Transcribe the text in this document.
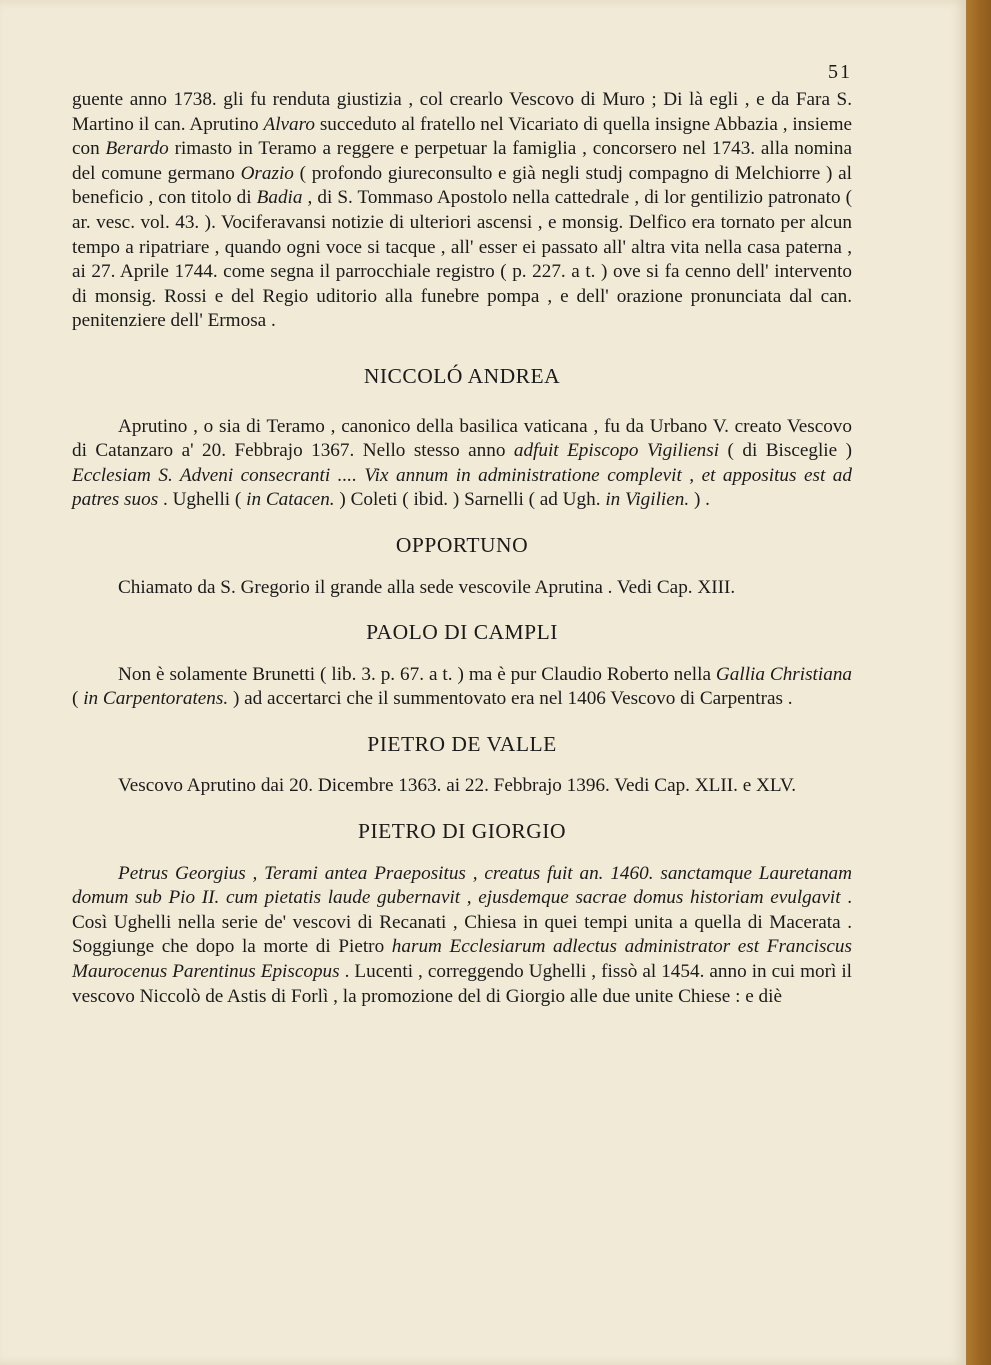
51

guente anno 1738. gli fu renduta giustizia , col crearlo Vescovo di Muro ; Di là egli , e da Fara S. Martino il can. Aprutino Alvaro succeduto al fratello nel Vicariato di quella insigne Abbazia , insieme con Berardo rimasto in Teramo a reggere e perpetuar la famiglia , concorsero nel 1743. alla nomina del comune germano Orazio ( profondo giureconsulto e già negli studj compagno di Melchiorre ) al beneficio , con titolo di Badia , di S. Tommaso Apostolo nella cattedrale , di lor gentilizio patronato ( ar. vesc. vol. 43. ). Vociferavansi notizie di ulteriori ascensi , e monsig. Delfico era tornato per alcun tempo a ripatriare , quando ogni voce si tacque , all' esser ei passato all' altra vita nella casa paterna , ai 27. Aprile 1744. come segna il parrocchiale registro ( p. 227. a t. ) ove si fa cenno dell' intervento di monsig. Rossi e del Regio uditorio alla funebre pompa , e dell' orazione pronunciata dal can. penitenziere dell' Ermosa .

NICCOLÓ ANDREA

Aprutino , o sia di Teramo , canonico della basilica vaticana , fu da Urbano V. creato Vescovo di Catanzaro a' 20. Febbrajo 1367. Nello stesso anno adfuit Episcopo Vigiliensi ( di Bisceglie ) Ecclesiam S. Adveni consecranti .... Vix annum in administratione complevit , et appositus est ad patres suos . Ughelli ( in Catacen. ) Coleti ( ibid. ) Sarnelli ( ad Ugh. in Vigilien. ) .

OPPORTUNO

Chiamato da S. Gregorio il grande alla sede vescovile Aprutina . Vedi Cap. XIII.

PAOLO DI CAMPLI

Non è solamente Brunetti ( lib. 3. p. 67. a t. ) ma è pur Claudio Roberto nella Gallia Christiana ( in Carpentoratens. ) ad accertarci che il summentovato era nel 1406 Vescovo di Carpentras .

PIETRO DE VALLE

Vescovo Aprutino dai 20. Dicembre 1363. ai 22. Febbrajo 1396. Vedi Cap. XLII. e XLV.

PIETRO DI GIORGIO

Petrus Georgius , Terami antea Praepositus , creatus fuit an. 1460. sanctamque Lauretanam domum sub Pio II. cum pietatis laude gubernavit , ejusdemque sacrae domus historiam evulgavit . Così Ughelli nella serie de' vescovi di Recanati , Chiesa in quei tempi unita a quella di Macerata . Soggiunge che dopo la morte di Pietro harum Ecclesiarum adlectus administrator est Franciscus Maurocenus Parentinus Episcopus . Lucenti , correggendo Ughelli , fissò al 1454. anno in cui morì il vescovo Niccolò de Astis di Forlì , la promozione del di Giorgio alle due unite Chiese : e diè
